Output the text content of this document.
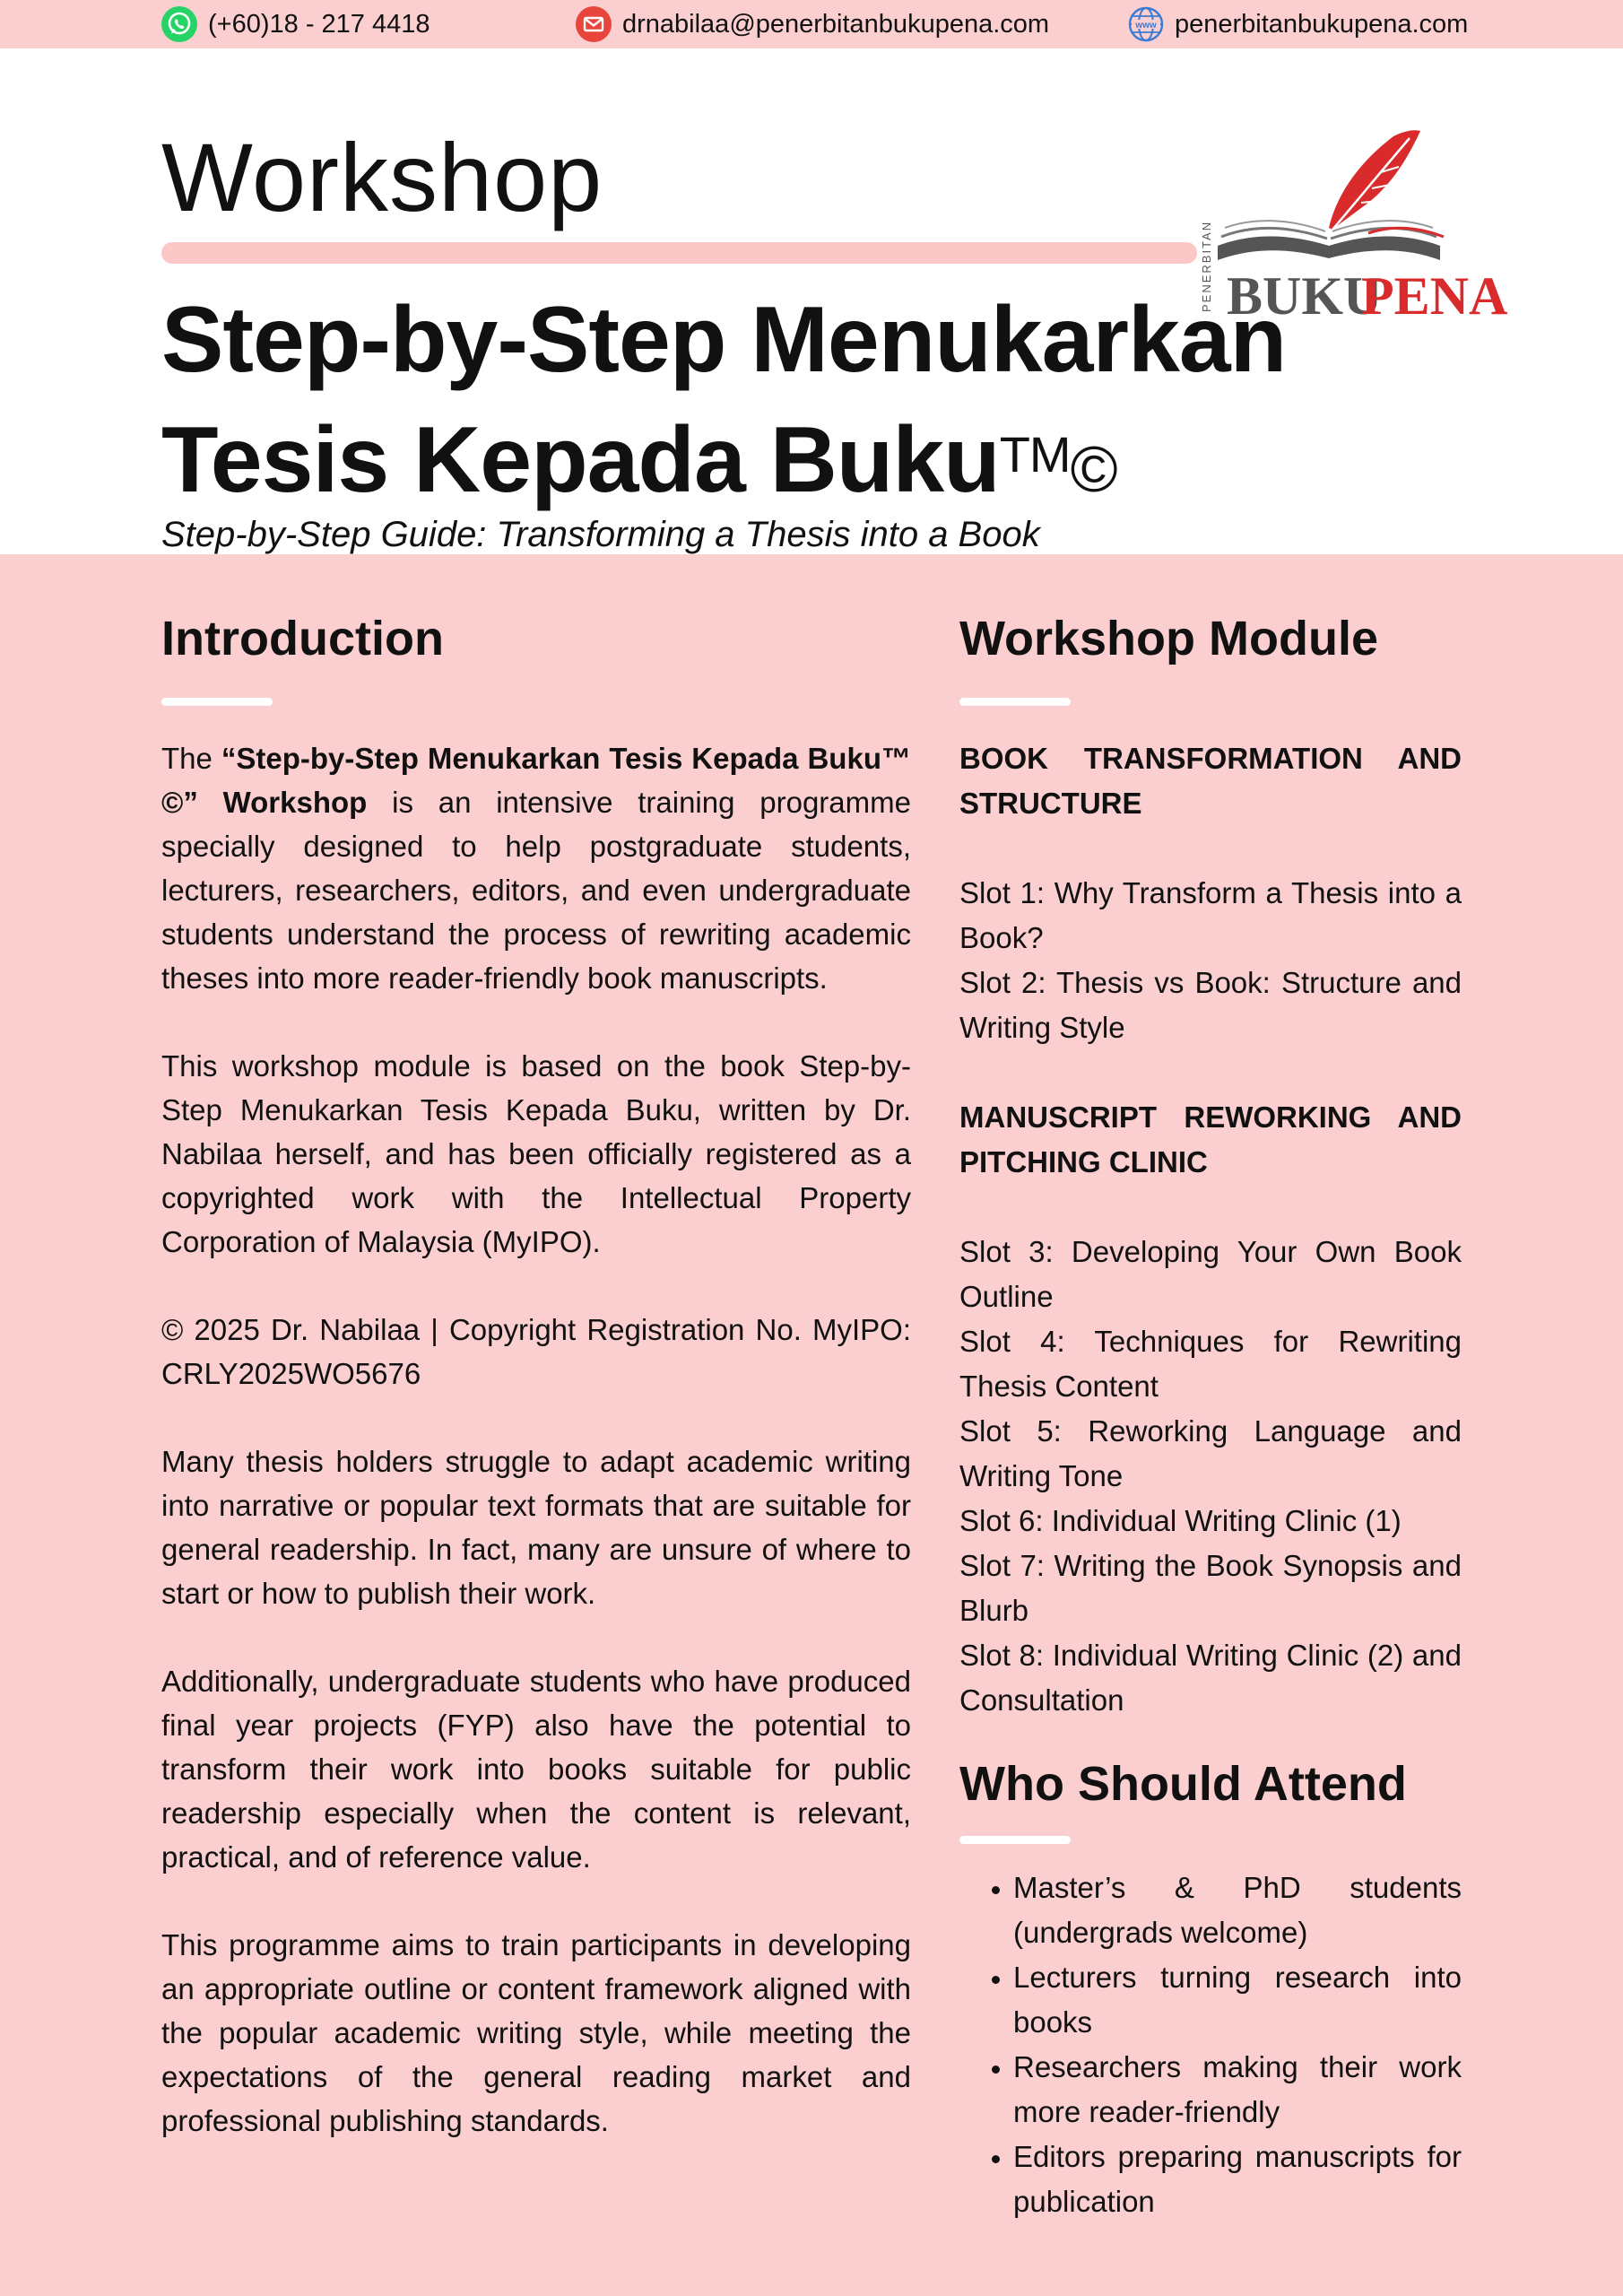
(+60)18 - 217 4418	drnabilaa@penerbitanbukupena.com	www penerbitanbukupena.com
Workshop
PENERBITAN BUKU
PENA
Step-by-Step Menukarkan
Tesis Kepada Buku™©
Step-by-Step Guide: Transforming a Thesis into a Book
Introduction

The “Step-by-Step Menukarkan Tesis Kepada Buku™ ©” Workshop is an intensive training programme specially designed to help postgraduate students, lecturers, researchers, editors, and even undergraduate students understand the process of rewriting academic theses into more reader-friendly book manuscripts.

This workshop module is based on the book Step-by-Step Menukarkan Tesis Kepada Buku, written by Dr. Nabilaa herself, and has been officially registered as a copyrighted work with the Intellectual Property Corporation of Malaysia (MyIPO).

© 2025 Dr. Nabilaa | Copyright Registration No. MyIPO: CRLY2025WO5676

Many thesis holders struggle to adapt academic writing into narrative or popular text formats that are suitable for general readership. In fact, many are unsure of where to start or how to publish their work.

Additionally, undergraduate students who have produced final year projects (FYP) also have the potential to transform their work into books suitable for public readership especially when the content is relevant, practical, and of reference value.

This programme aims to train participants in developing an appropriate outline or content framework aligned with the popular academic writing style, while meeting the expectations of the general reading market and professional publishing standards.

Workshop Module
BOOK TRANSFORMATION AND STRUCTURE
Slot 1: Why Transform a Thesis into a Book?
Slot 2: Thesis vs Book: Structure and Writing Style
MANUSCRIPT REWORKING AND PITCHING CLINIC
Slot 3: Developing Your Own Book Outline
Slot 4: Techniques for Rewriting Thesis Content
Slot 5: Reworking Language and Writing Tone
Slot 6: Individual Writing Clinic (1)
Slot 7: Writing the Book Synopsis and Blurb
Slot 8: Individual Writing Clinic (2) and Consultation
Who Should Attend
• Master’s & PhD students (undergrads welcome)
• Lecturers turning research into books
• Researchers making their work more reader-friendly
• Editors preparing manuscripts for publication
